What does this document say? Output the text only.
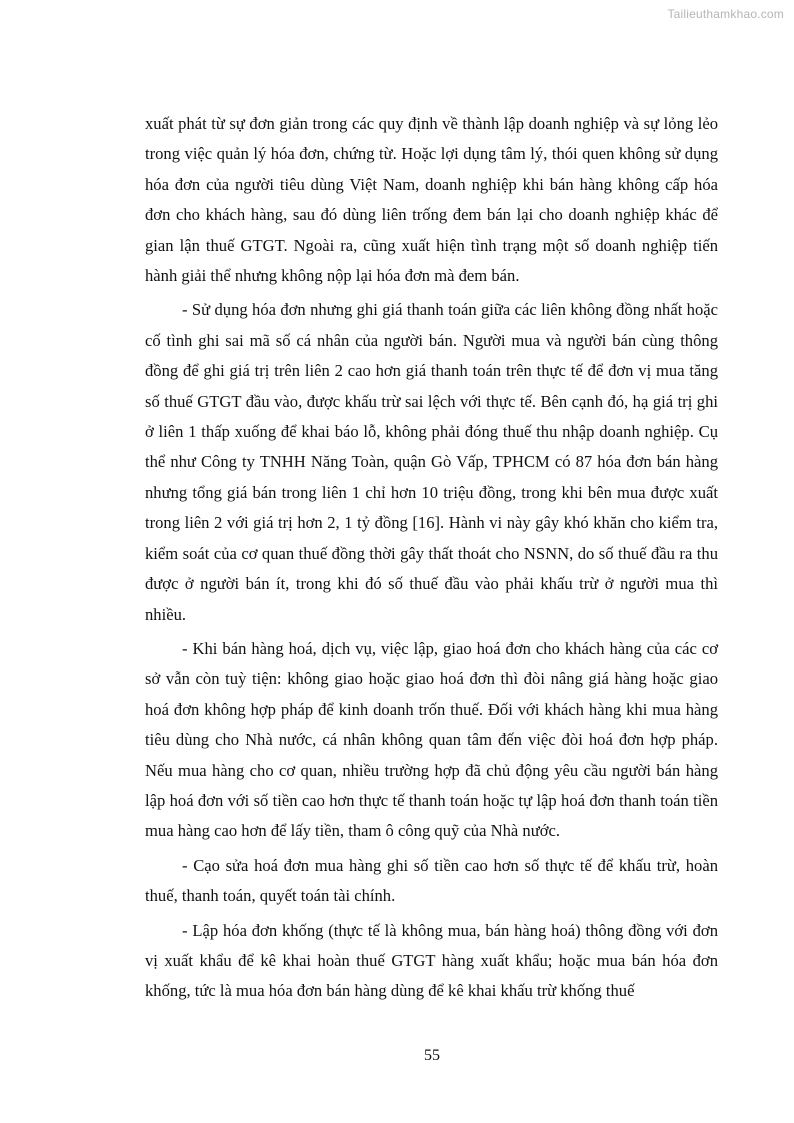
Tailieuthamkhao.com

xuất phát từ sự đơn giản trong các quy định về thành lập doanh nghiệp và sự lỏng lẻo trong việc quản lý hóa đơn, chứng từ. Hoặc lợi dụng tâm lý, thói quen không sử dụng hóa đơn của người tiêu dùng Việt Nam, doanh nghiệp khi bán hàng không cấp hóa đơn cho khách hàng, sau đó dùng liên trống đem bán lại cho doanh nghiệp khác để gian lận thuế GTGT. Ngoài ra, cũng xuất hiện tình trạng một số doanh nghiệp tiến hành giải thể nhưng không nộp lại hóa đơn mà đem bán.

- Sử dụng hóa đơn nhưng ghi giá thanh toán giữa các liên không đồng nhất hoặc cố tình ghi sai mã số cá nhân của người bán. Người mua và người bán cùng thông đồng để ghi giá trị trên liên 2 cao hơn giá thanh toán trên thực tế để đơn vị mua tăng số thuế GTGT đầu vào, được khấu trừ sai lệch với thực tế. Bên cạnh đó, hạ giá trị ghi ở liên 1 thấp xuống để khai báo lỗ, không phải đóng thuế thu nhập doanh nghiệp. Cụ thể như Công ty TNHH Năng Toàn, quận Gò Vấp, TPHCM có 87 hóa đơn bán hàng nhưng tổng giá bán trong liên 1 chỉ hơn 10 triệu đồng, trong khi bên mua được xuất trong liên 2 với giá trị hơn 2, 1 tỷ đồng [16]. Hành vi này gây khó khăn cho kiểm tra, kiểm soát của cơ quan thuế đồng thời gây thất thoát cho NSNN, do số thuế đầu ra thu được ở người bán ít, trong khi đó số thuế đầu vào phải khấu trừ ở người mua thì nhiều.

- Khi bán hàng hoá, dịch vụ, việc lập, giao hoá đơn cho khách hàng của các cơ sở vẫn còn tuỳ tiện: không giao hoặc giao hoá đơn thì đòi nâng giá hàng hoặc giao hoá đơn không hợp pháp để kinh doanh trốn thuế. Đối với khách hàng khi mua hàng tiêu dùng cho Nhà nước, cá nhân không quan tâm đến việc đòi hoá đơn hợp pháp. Nếu mua hàng cho cơ quan, nhiều trường hợp đã chủ động yêu cầu người bán hàng lập hoá đơn với số tiền cao hơn thực tế thanh toán hoặc tự lập hoá đơn thanh toán tiền mua hàng cao hơn để lấy tiền, tham ô công quỹ của Nhà nước.

- Cạo sửa hoá đơn mua hàng ghi số tiền cao hơn số thực tế để khấu trừ, hoàn thuế, thanh toán, quyết toán tài chính.

- Lập hóa đơn khống (thực tế là không mua, bán hàng hoá) thông đồng với đơn vị xuất khẩu để kê khai hoàn thuế GTGT hàng xuất khẩu; hoặc mua bán hóa đơn khống, tức là mua hóa đơn bán hàng dùng để kê khai khấu trừ khống thuế

55
